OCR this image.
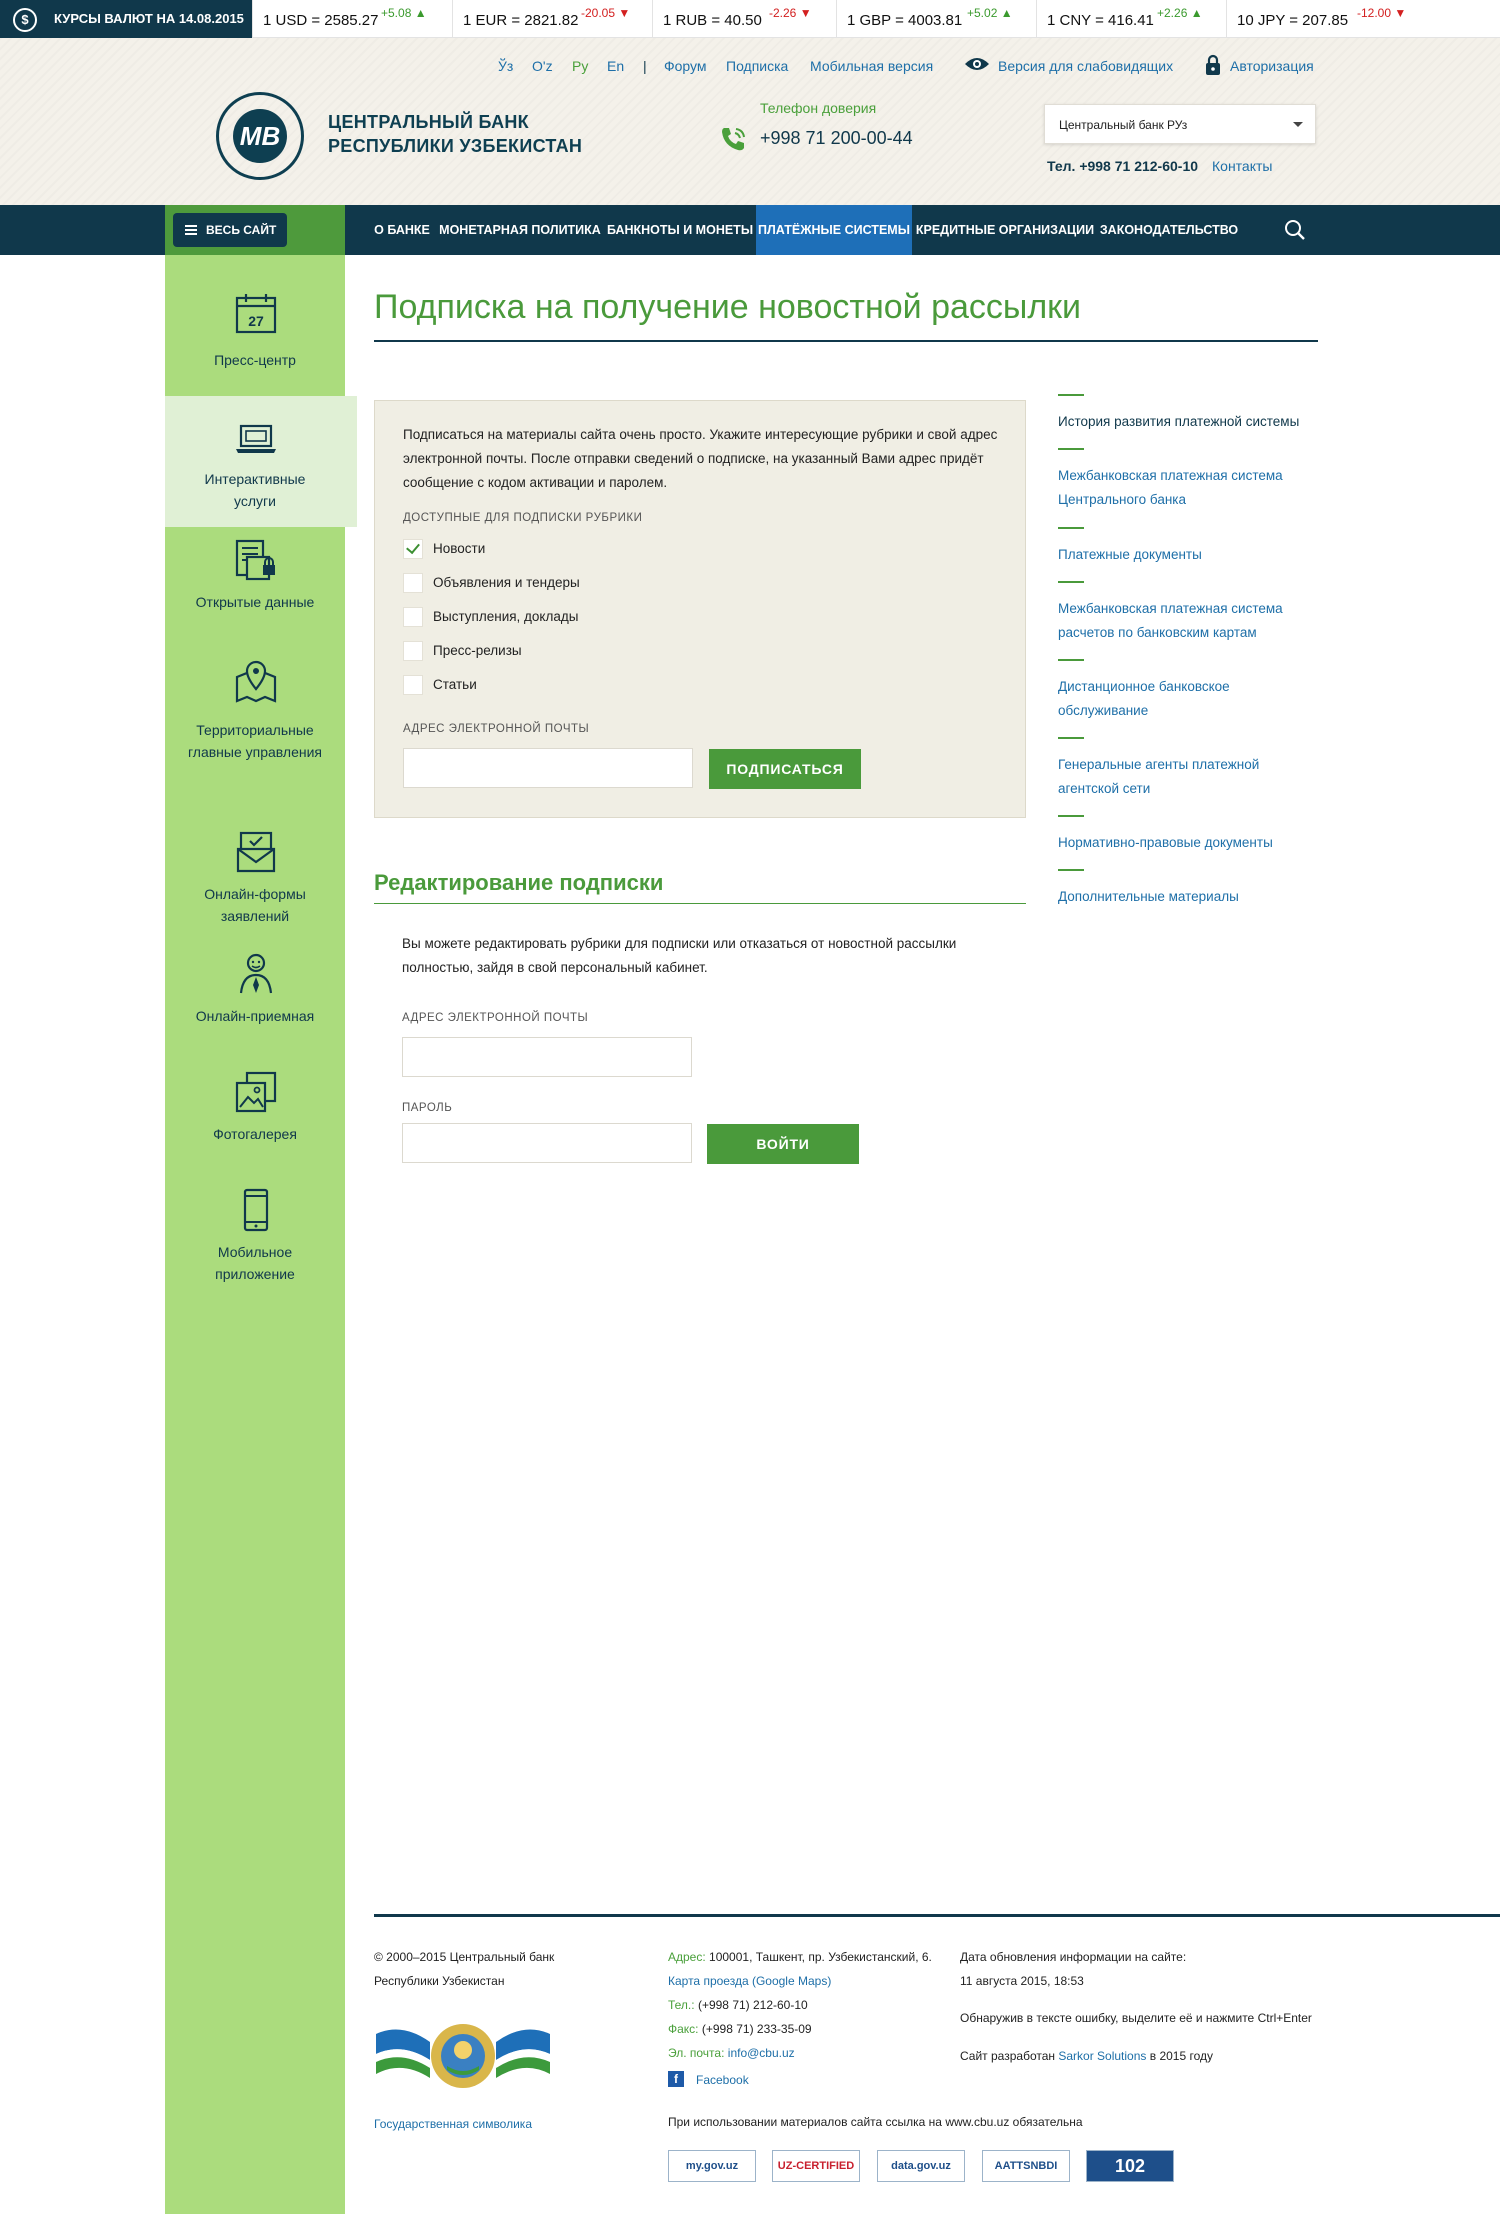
$	КУРСЫ ВАЛЮТ НА 14.08.2015	1 USD = 2585.27 +5.08 ▲ 1 EUR = 2821.82 -20.05 ▼ 1 RUB = 40.50 -2.26 ▼ 1 GBP = 4003.81 +5.02 ▲ 1 CNY = 416.41 +2.26 ▲ 10 JPY = 207.85 -12.00 ▼
Ўз O'z Ру En | Форум Подписка Мобильная версия	Версия для слабовидящих	Авторизация
MB	ЦЕНТРАЛЬНЫЙ БАНК
РЕСПУБЛИКИ УЗБЕКИСТАН
Телефон доверия
+998 71 200-00-44
Центральный банк РУз
Тел. +998 71 212-60-10 Контакты
ВЕСЬ САЙТ	О БАНКЕ МОНЕТАРНАЯ ПОЛИТИКА БАНКНОТЫ И МОНЕТЫ ПЛАТЁЖНЫЕ СИСТЕМЫ КРЕДИТНЫЕ ОРГАНИЗАЦИИ ЗАКОНОДАТЕЛЬСТВО
27
Пресс-центр
Интерактивные услуги
Открытые данные
Территориальные главные управления
Онлайн-формы заявлений
Онлайн-приемная
Фотогалерея
Мобильное приложение
Подписка на получение новостной рассылки

Подписаться на материалы сайта очень просто. Укажите интересующие рубрики и свой адрес электронной почты. После отправки сведений о подписке, на указанный Вами адрес придёт сообщение с кодом активации и паролем.

ДОСТУПНЫЕ ДЛЯ ПОДПИСКИ РУБРИКИ
Новости
Объявления и тендеры
Выступления, доклады
Пресс-релизы
Статьи
АДРЕС ЭЛЕКТРОННОЙ ПОЧТЫ
ПОДПИСАТЬСЯ
Редактирование подписки

Вы можете редактировать рубрики для подписки или отказаться от новостной рассылки полностью, зайдя в свой персональный кабинет.

АДРЕС ЭЛЕКТРОННОЙ ПОЧТЫ
ПАРОЛЬ
ВОЙТИ
История развития платежной системы
Межбанковская платежная система Центрального банка
Платежные документы
Межбанковская платежная система расчетов по банковским картам
Дистанционное банковское обслуживание
Генеральные агенты платежной агентской сети
Нормативно-правовые документы
Дополнительные материалы
© 2000–2015 Центральный банк
Республики Узбекистан
Государственная символика
Адрес: 100001, Ташкент, пр. Узбекистанский, 6.
Карта проезда (Google Maps)
Тел.: (+998 71) 212-60-10
Факс: (+998 71) 233-35-09
Эл. почта: info@cbu.uz
f	Facebook
Дата обновления информации на сайте:
11 августа 2015, 18:53
Обнаружив в тексте ошибку, выделите её и нажмите Ctrl+Enter
Сайт разработан Sarkor Solutions в 2015 году
При использовании материалов сайта ссылка на www.cbu.uz обязательна
my.gov.uz	UZ-CERTIFIED	data.gov.uz	AATTSNBDI	102
